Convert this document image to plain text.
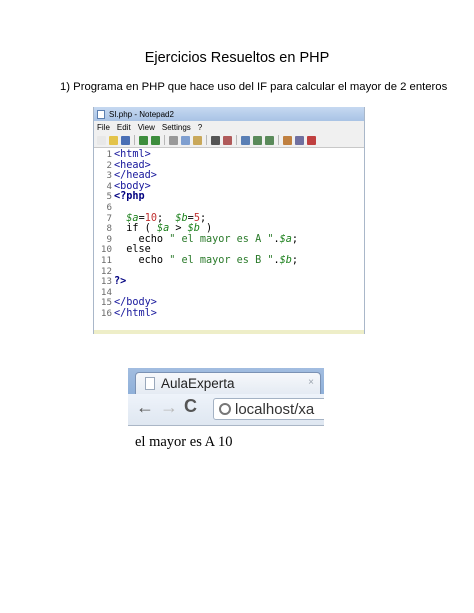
Ejercicios Resueltos en PHP
1) Programa en PHP que hace uso del IF para calcular el mayor de 2 enteros
SI.php - Notepad2
File Edit View Settings ?
1 <html>
2 <head>
3 </head>
4 <body>
5 <?php
6
7	$a=10;  $b=5;
8 if ( $a > $b )
9 echo " el mayor es A ".$a;
10 else
11 echo " el mayor es B ".$b;
12
13 ?>
14
15 </body>
16 </html>
AulaExperta	×
← → C	localhost/xa
el mayor es A 10
